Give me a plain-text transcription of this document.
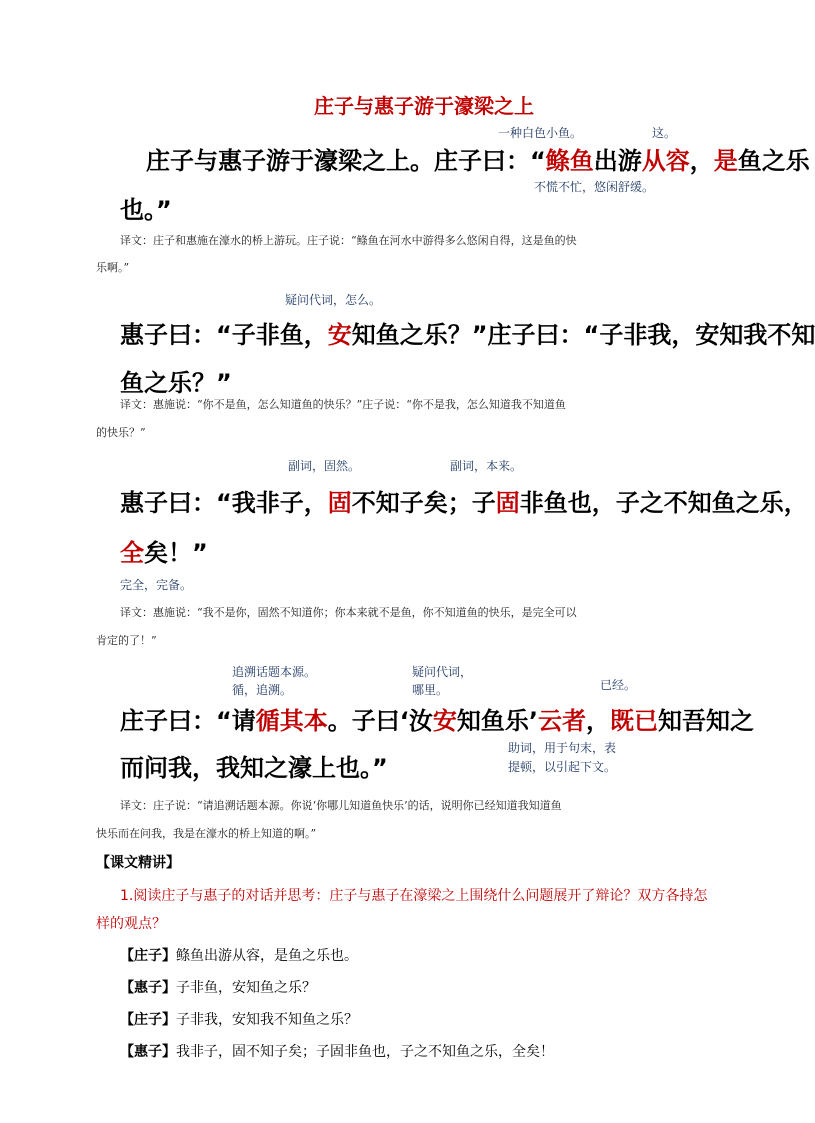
庄子与惠子游于濠梁之上
一种白色小鱼。	这。
庄子与惠子游于濠梁之上。庄子曰：“鲦鱼出游从容，是鱼之乐
不慌不忙，悠闲舒缓。
也。”
译文：庄子和惠施在濠水的桥上游玩。庄子说：“鲦鱼在河水中游得多么悠闲自得，这是鱼的快
乐啊。”
疑问代词，怎么。
惠子曰：“子非鱼，安知鱼之乐？”庄子曰：“子非我，安知我不知
鱼之乐？”
译文：惠施说：“你不是鱼，怎么知道鱼的快乐？”庄子说：“你不是我，怎么知道我不知道鱼
的快乐？”
副词，固然。	副词，本来。
惠子曰：“我非子，固不知子矣；子固非鱼也，子之不知鱼之乐，
全矣！”
完全，完备。
译文：惠施说：“我不是你，固然不知道你；你本来就不是鱼，你不知道鱼的快乐，是完全可以
肯定的了！”
追溯话题本源。
循，追溯。
疑问代词，
哪里。	已经。
庄子曰：“请循其本。子曰‘汝安知鱼乐’云者，既已知吾知之
助词，用于句末，表
提顿，以引起下文。
而问我，我知之濠上也。”
译文：庄子说：“请追溯话题本源。你说‘你哪儿知道鱼快乐’的话，说明你已经知道我知道鱼
快乐而在问我，我是在濠水的桥上知道的啊。”
【课文精讲】
1.阅读庄子与惠子的对话并思考：庄子与惠子在濠梁之上围绕什么问题展开了辩论？双方各持怎
样的观点？
【庄子】鲦鱼出游从容，是鱼之乐也。
【惠子】子非鱼，安知鱼之乐？
【庄子】子非我，安知我不知鱼之乐？
【惠子】我非子，固不知子矣；子固非鱼也，子之不知鱼之乐，全矣！
